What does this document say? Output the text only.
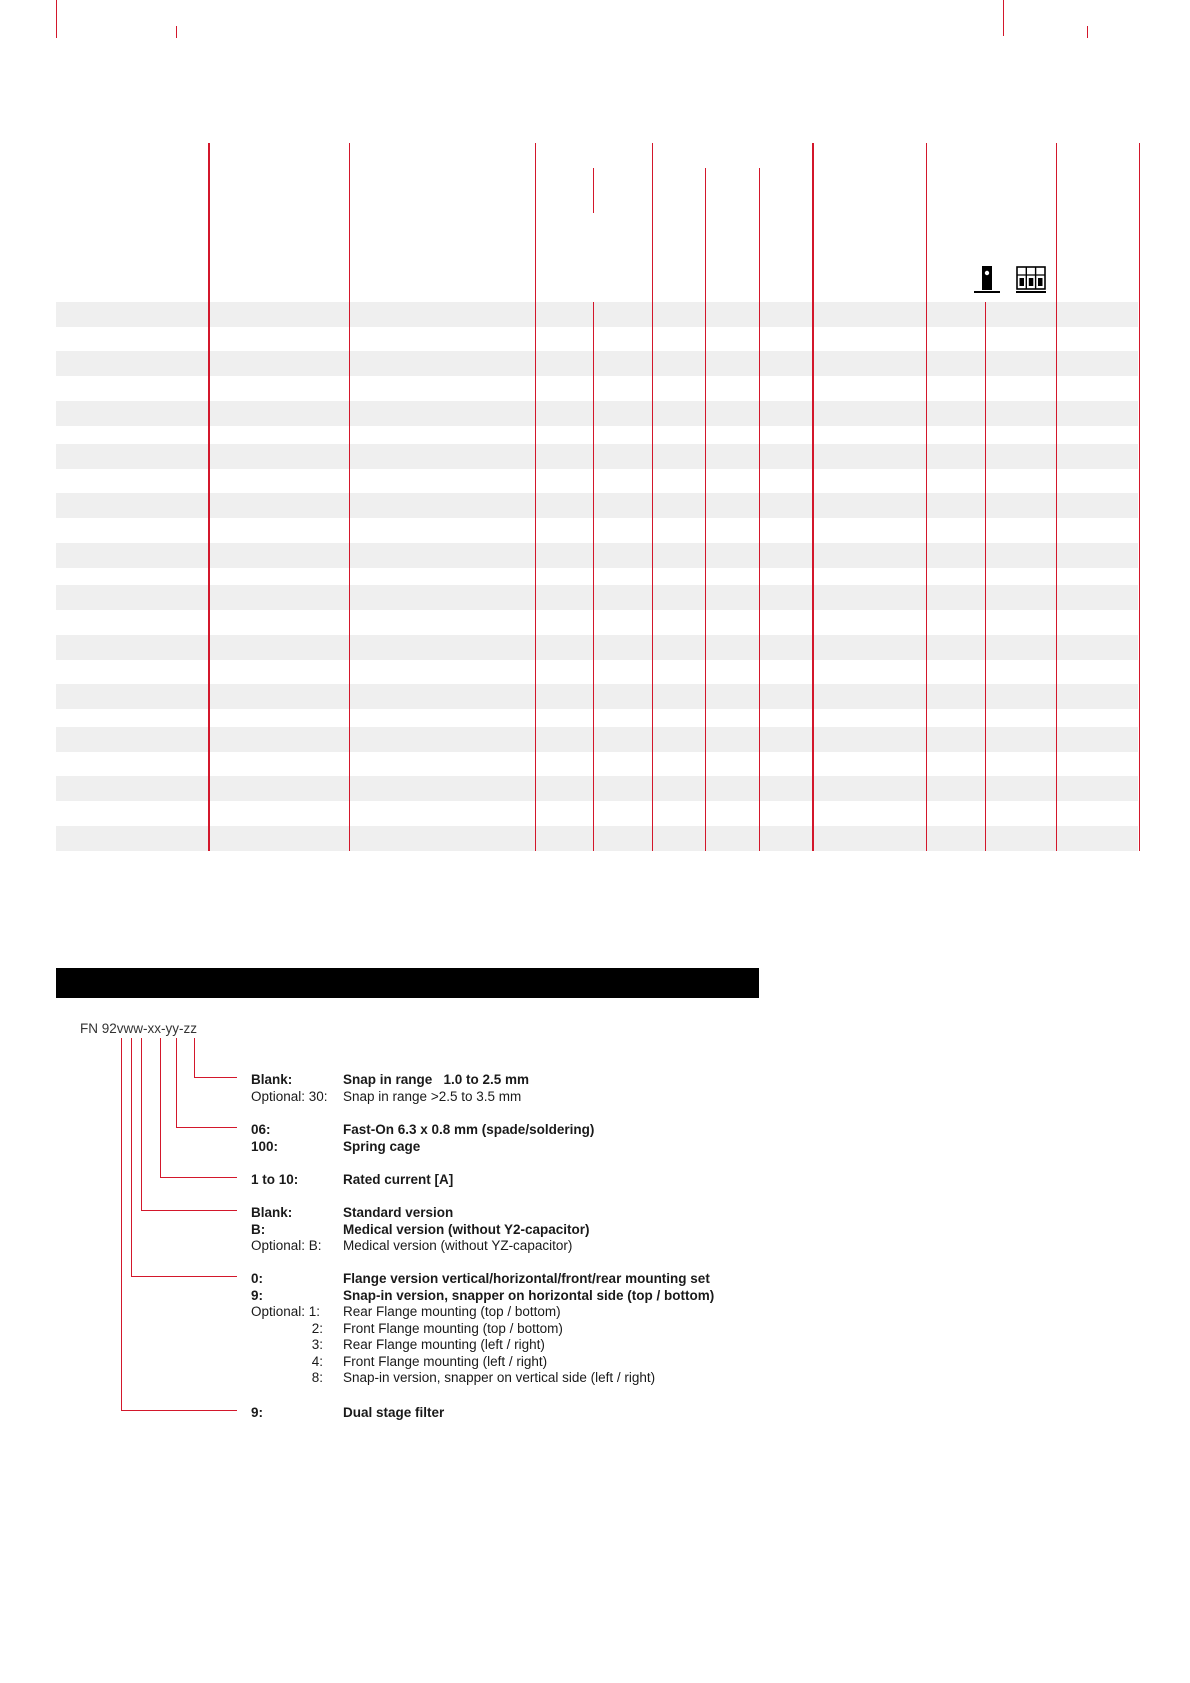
FN 92vww-xx-yy-zz
Blank:	Snap in range   1.0 to 2.5 mm
Optional: 30: Snap in range >2.5 to 3.5 mm
06:	Fast-On 6.3 x 0.8 mm (spade/soldering)
100:	Spring cage
1 to 10:	Rated current [A]
Blank:	Standard version
B:	Medical version (without Y2-capacitor)
Optional: B: Medical version (without YZ-capacitor)
0:	Flange version vertical/horizontal/front/rear mounting set
9:	Snap-in version, snapper on horizontal side (top / bottom)
Optional: 1: Rear Flange mounting (top / bottom)
2: Front Flange mounting (top / bottom)
3: Rear Flange mounting (left / right)
4: Front Flange mounting (left / right)
8: Snap-in version, snapper on vertical side (left / right)
9:	Dual stage filter
